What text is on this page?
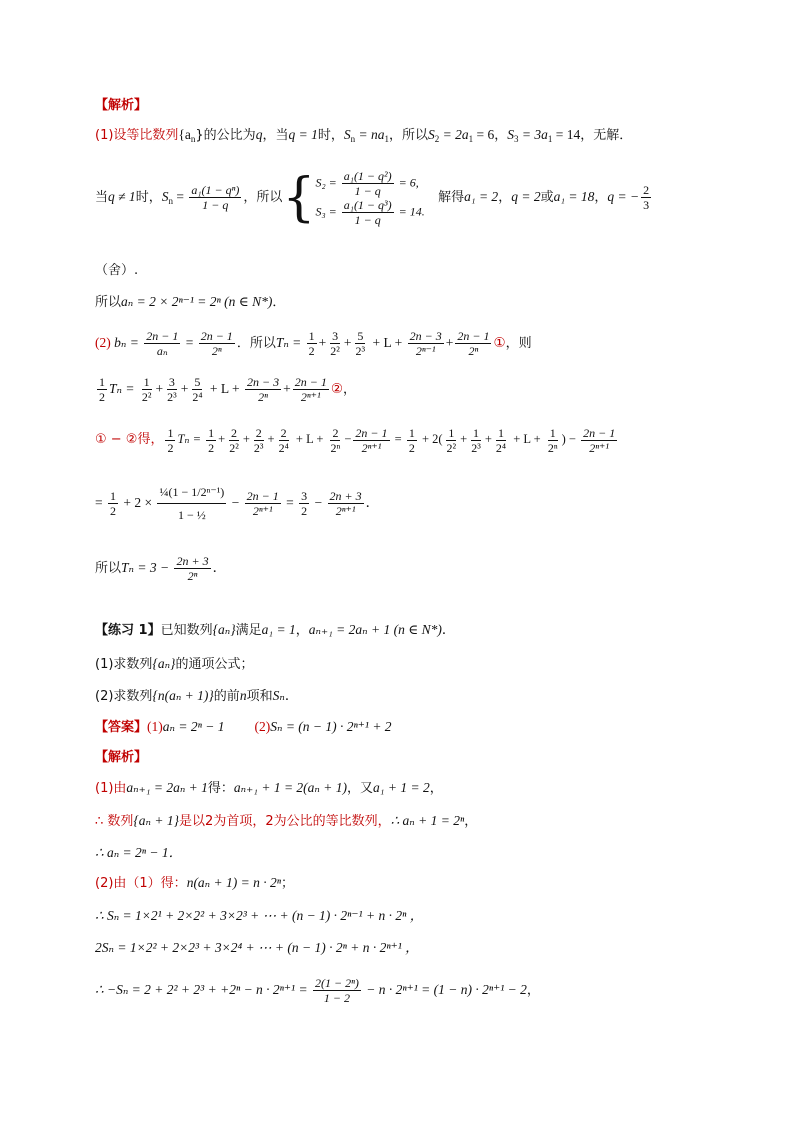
【解析】
(1)设等比数列$\{a_n\}$的公比为q，当q = 1时，$S_n = na_1$，所以$S_2 = 2a_1 = 6$，$S_3 = 3a_1 = 14$，无解．
当q ≠ 1时，$S_n = \frac{\text{a₁(1 − qⁿ)}}{1 - q}$ ，所以{ $S_2 = \frac{\text{a₁(1 − q²)}}{1 - q} = 6$,
$S_3 = \frac{\text{a₁(1 − q³)}}{1 - q} = 14$.
解得a₁ = 2，q = 2或a₁ = 18，q = − $\frac{2}{3}$
（舍）.
所以aₙ = 2 × 2ⁿ⁻¹ = 2ⁿ (n ∈ N*)．
(2) $b_n = \frac{2n - 1}{\text{aₙ}} = \frac{2n - 1}{\text{2ⁿ}}$ ．所以$T_n = \frac{1}{2} + \frac{3}{\text{2²}} + \frac{5}{\text{2³}} + L + \frac{2n - 3}{\text{2ⁿ⁻¹}} + \frac{2n - 1}{\text{2ⁿ}}$ ①，则
$\frac{1}{2}$ $T_n = \frac{1}{\text{2²}} + \frac{3}{\text{2³}} + \frac{5}{\text{2⁴}} + L + \frac{2n - 3}{\text{2ⁿ}} + \frac{2n - 1}{\text{2ⁿ⁺¹}}$ ②，
① − ②得， $\frac{1}{2}$ $T_n = \frac{1}{2} + \frac{2}{\text{2²}} + \frac{2}{\text{2³}} + \frac{2}{\text{2⁴}} + L + \frac{2}{\text{2ⁿ}} - \frac{2n - 1}{\text{2ⁿ⁺¹}} = \frac{1}{2} + 2( \frac{1}{\text{2²}} + \frac{1}{\text{2³}} + \frac{1}{\text{2⁴}} + L + \frac{1}{\text{2ⁿ}}$ ) − $\frac{2n - 1}{\text{2ⁿ⁺¹}}$
= $\frac{1}{2} + 2 \times \frac{\text{¼(1 − 1/2ⁿ⁻¹)}}{\text{1 − ½}} - \frac{2n - 1}{\text{2ⁿ⁺¹}} = \frac{3}{2} - \frac{2n + 3}{\text{2ⁿ⁺¹}}$ ．
所以$T_n = 3 - \frac{2n + 3}{\text{2ⁿ}}$ ．
【练习 1】已知数列{aₙ}满足a₁ = 1，aₙ₊₁ = 2aₙ + 1 (n ∈ N*)．
(1)求数列{aₙ}的通项公式；
(2)求数列{n(aₙ + 1)}的前n项和Sₙ．
【答案】(1)aₙ = 2ⁿ − 1 (2)Sₙ = (n − 1) · 2ⁿ⁺¹ + 2
【解析】
(1)由aₙ₊₁ = 2aₙ + 1得：aₙ₊₁ + 1 = 2(aₙ + 1)，又a₁ + 1 = 2，
∴ 数列{aₙ + 1}是以2为首项，2为公比的等比数列，∴ aₙ + 1 = 2ⁿ，
∴ aₙ = 2ⁿ − 1．
(2)由（1）得：n(aₙ + 1) = n · 2ⁿ；
∴ Sₙ = 1×2¹ + 2×2² + 3×2³ + ⋯ + (n − 1) · 2ⁿ⁻¹ + n · 2ⁿ ，
2Sₙ = 1×2² + 2×2³ + 3×2⁴ + ⋯ + (n − 1) · 2ⁿ + n · 2ⁿ⁺¹ ，
∴ $-S_n = 2 + 2^2 + 2^3 + +2^n - n \cdot 2^{n+1} = \frac{\text{2(1 − 2ⁿ)}}{1 - 2} - n \cdot 2^{n+1} = (1 - n) \cdot 2^{n+1} - 2$，
